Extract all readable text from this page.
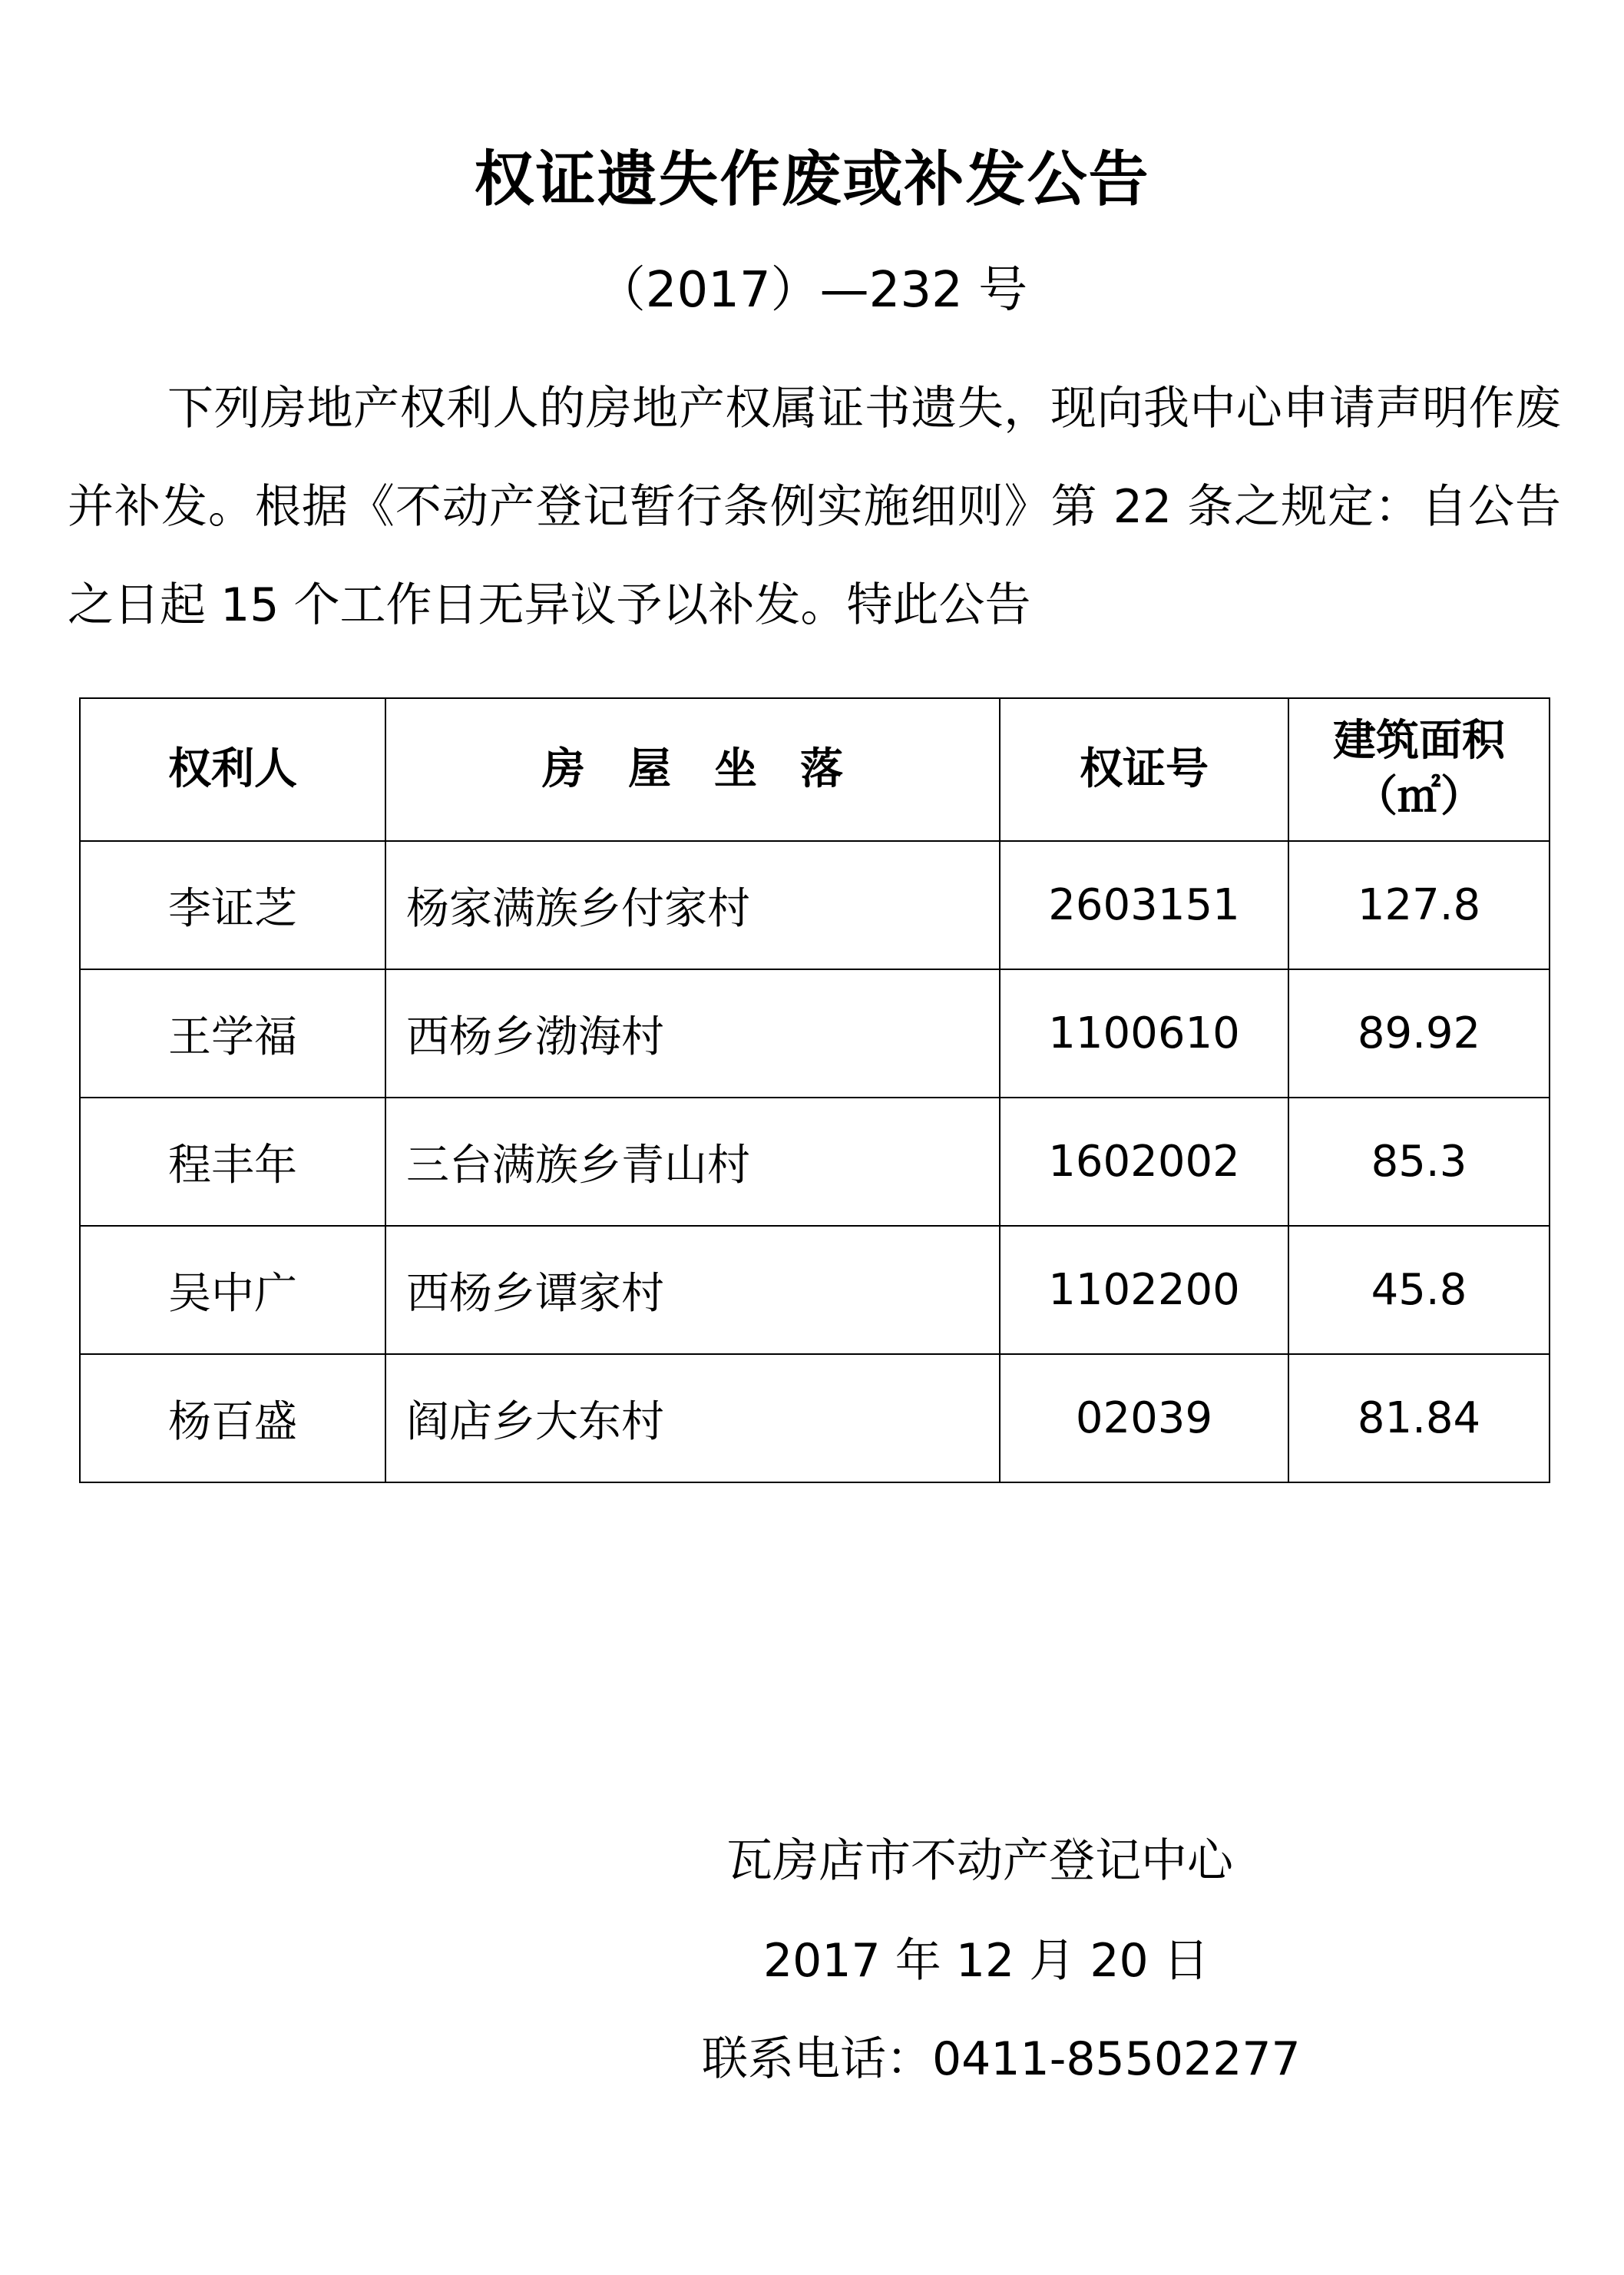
权证遗失作废或补发公告
（2017）—232 号

下列房地产权利人的房地产权属证书遗失，现向我中心申请声明作废并补发。根据《不动产登记暂行条例实施细则》第 22 条之规定：自公告之日起 15 个工作日无异议予以补发。特此公告

权利人	房　屋　坐　落	权证号	建筑面积
（㎡）

李证芝	杨家满族乡付家村	2603151	127.8
王学福	西杨乡渤海村	1100610	89.92
程丰年	三台满族乡青山村	1602002	85.3
吴中广	西杨乡谭家村	1102200	45.8
杨百盛	阎店乡大东村	02039	81.84
瓦房店市不动产登记中心
2017 年 12 月 20 日
联系电话：0411-85502277
